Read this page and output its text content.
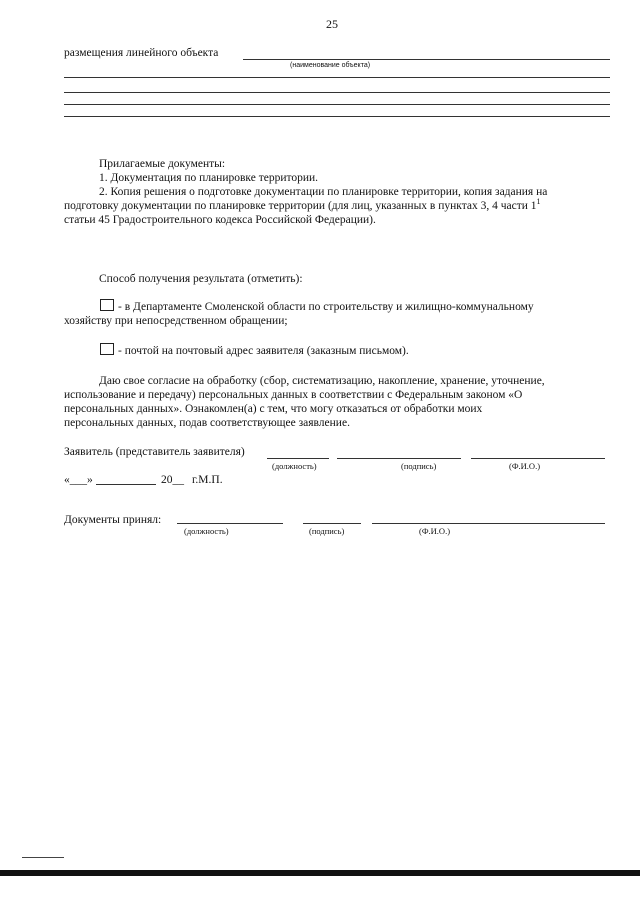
25
размещения линейного объекта
(наименование объекта)
Прилагаемые документы:
1. Документация по планировке территории.
2. Копия решения о подготовке документации по планировке территории, копия задания на
подготовку документации по планировке территории (для лиц, указанных в пунктах 3, 4 части $1^1$
статьи 45 Градостроительного кодекса Российской Федерации).
Способ получения результата (отметить):
- в Департаменте Смоленской области по строительству и жилищно-коммунальному
хозяйству при непосредственном обращении;
- почтой на почтовый адрес заявителя (заказным письмом).
Даю свое согласие на обработку (сбор, систематизацию, накопление, хранение, уточнение,
использование и передачу) персональных данных в соответствии с Федеральным законом «О
персональных данных». Ознакомлен(а) с тем, что могу отказаться от обработки моих
персональных данных, подав соответствующее заявление.
Заявитель (представитель заявителя)
(должность)	(подпись)	(Ф.И.О.)
«___»	20__ г.М.П.
Документы принял:
(должность)	(подпись)	(Ф.И.О.)
